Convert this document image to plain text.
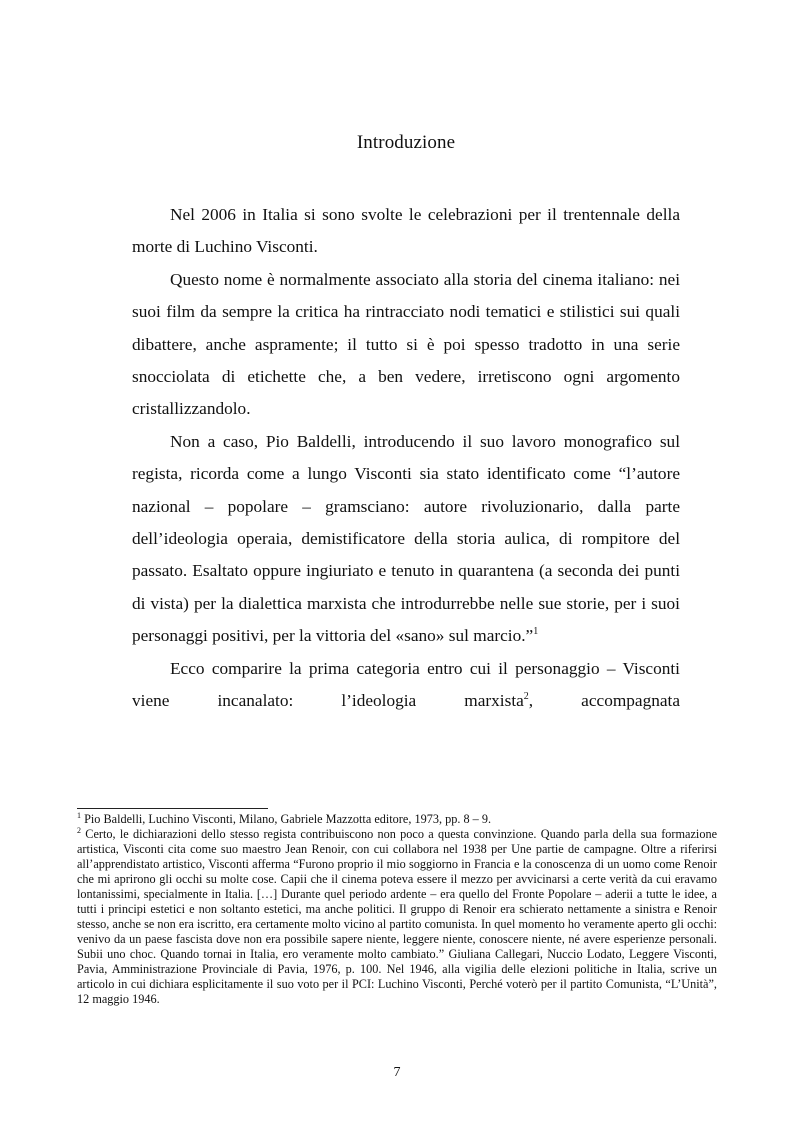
Introduzione

Nel 2006 in Italia si sono svolte le celebrazioni per il trentennale della morte di Luchino Visconti.

Questo nome è normalmente associato alla storia del cinema italiano: nei suoi film da sempre la critica ha rintracciato nodi tematici e stilistici sui quali dibattere, anche aspramente; il tutto si è poi spesso tradotto in una serie snocciolata di etichette che, a ben vedere, irretiscono ogni argomento cristallizzandolo.

Non a caso, Pio Baldelli, introducendo il suo lavoro monografico sul regista, ricorda come a lungo Visconti sia stato identificato come “l’autore nazional – popolare – gramsciano: autore rivoluzionario, dalla parte dell’ideologia operaia, demistificatore della storia aulica, di rompitore del passato. Esaltato oppure ingiuriato e tenuto in quarantena (a seconda dei punti di vista) per la dialettica marxista che introdurrebbe nelle sue storie, per i suoi personaggi positivi, per la vittoria del «sano» sul marcio.”$^1$

Ecco comparire la prima categoria entro cui il personaggio – Visconti viene incanalato: l’ideologia marxista$^2$, accompagnata

$^1$ Pio Baldelli, Luchino Visconti, Milano, Gabriele Mazzotta editore, 1973, pp. 8 – 9.

$^2$ Certo, le dichiarazioni dello stesso regista contribuiscono non poco a questa convinzione. Quando parla della sua formazione artistica, Visconti cita come suo maestro Jean Renoir, con cui collabora nel 1938 per Une partie de campagne. Oltre a riferirsi all’apprendistato artistico, Visconti afferma “Furono proprio il mio soggiorno in Francia e la conoscenza di un uomo come Renoir che mi aprirono gli occhi su molte cose. Capii che il cinema poteva essere il mezzo per avvicinarsi a certe verità da cui eravamo lontanissimi, specialmente in Italia. […] Durante quel periodo ardente – era quello del Fronte Popolare – aderii a tutte le idee, a tutti i principi estetici e non soltanto estetici, ma anche politici. Il gruppo di Renoir era schierato nettamente a sinistra e Renoir stesso, anche se non era iscritto, era certamente molto vicino al partito comunista. In quel momento ho veramente aperto gli occhi: venivo da un paese fascista dove non era possibile sapere niente, leggere niente, conoscere niente, né avere esperienze personali. Subii uno choc. Quando tornai in Italia, ero veramente molto cambiato.” Giuliana Callegari, Nuccio Lodato, Leggere Visconti, Pavia, Amministrazione Provinciale di Pavia, 1976, p. 100. Nel 1946, alla vigilia delle elezioni politiche in Italia, scrive un articolo in cui dichiara esplicitamente il suo voto per il PCI: Luchino Visconti, Perché voterò per il partito Comunista, “L’Unità”, 12 maggio 1946.

7
